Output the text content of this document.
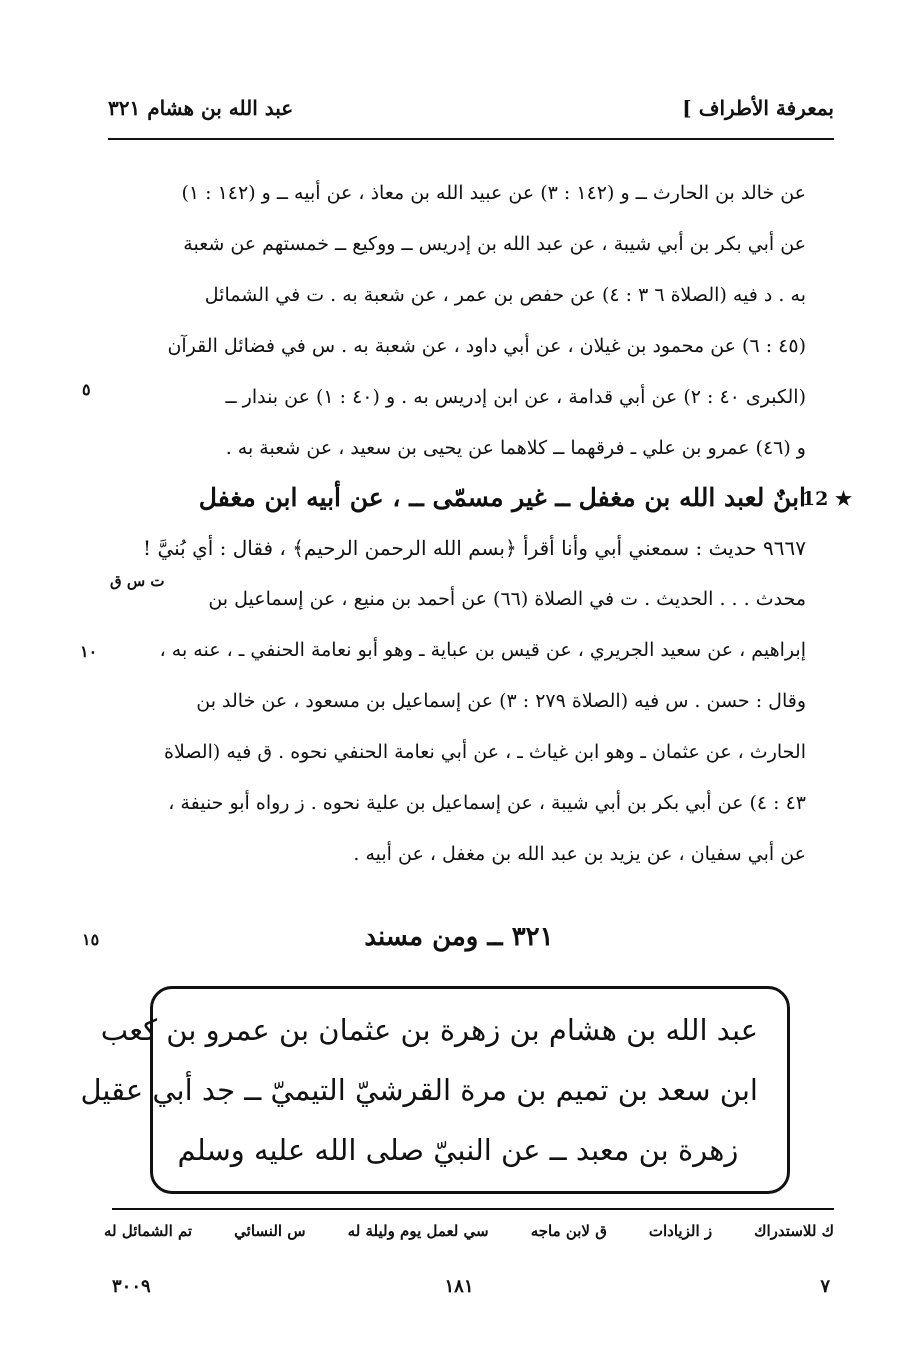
بمعرفة الأطراف ]
عبد الله بن هشام ٣٢١
عن خالد بن الحارث ــ و (١٤٢ : ٣) عن عبيد الله بن معاذ ، عن أبيه ــ و (١٤٢ : ١)
عن أبي بكر بن أبي شيبة ، عن عبد الله بن إدريس ــ ووكيع ــ خمستهم عن شعبة
به . د فيه (الصلاة ٦ ٣ : ٤) عن حفص بن عمر ، عن شعبة به . ت في الشمائل
(٤٥ : ٦) عن محمود بن غيلان ، عن أبي داود ، عن شعبة به . س في فضائل القرآن
(الكبرى ٤٠ : ٢) عن أبي قدامة ، عن ابن إدريس به . و (٤٠ : ١) عن بندار ــ
و (٤٦) عمرو بن علي ـ فرقهما ــ كلاهما عن يحيى بن سعيد ، عن شعبة به .
٥
12 ★
ابنٌ لعبد الله بن مغفل ــ غير مسمّى ــ ، عن أبيه ابن مغفل
٩٦٦٧ حديث : سمعني أبي وأنا أقرأ ﴿بسم الله الرحمن الرحيم﴾ ، فقال : أي بُنيَّ !
محدث . . . الحديث . ت في الصلاة (٦٦) عن أحمد بن منيع ، عن إسماعيل بن
إبراهيم ، عن سعيد الجريري ، عن قيس بن عباية ـ وهو أبو نعامة الحنفي ـ ، عنه به ،
وقال : حسن . س فيه (الصلاة ٢٧٩ : ٣) عن إسماعيل بن مسعود ، عن خالد بن
الحارث ، عن عثمان ـ وهو ابن غياث ـ ، عن أبي نعامة الحنفي نحوه . ق فيه (الصلاة
٤٣ : ٤) عن أبي بكر بن أبي شيبة ، عن إسماعيل بن علية نحوه . ز رواه أبو حنيفة ،
عن أبي سفيان ، عن يزيد بن عبد الله بن مغفل ، عن أبيه .
ت س ق
١٠
١٥	٣٢١ ــ ومن مسند
عبد الله بن هشام بن زهرة بن عثمان بن عمرو بن كعب
ابن سعد بن تميم بن مرة القرشيّ التيميّ ــ جد أبي عقيل
زهرة بن معبد ــ عن النبيّ صلى الله عليه وسلم
تم الشمائل له	س النسائي	سي لعمل يوم وليلة له	ق لابن ماجه	ز الزيادات	ك للاستدراك
٣٠٠٩	١٨١	٧
